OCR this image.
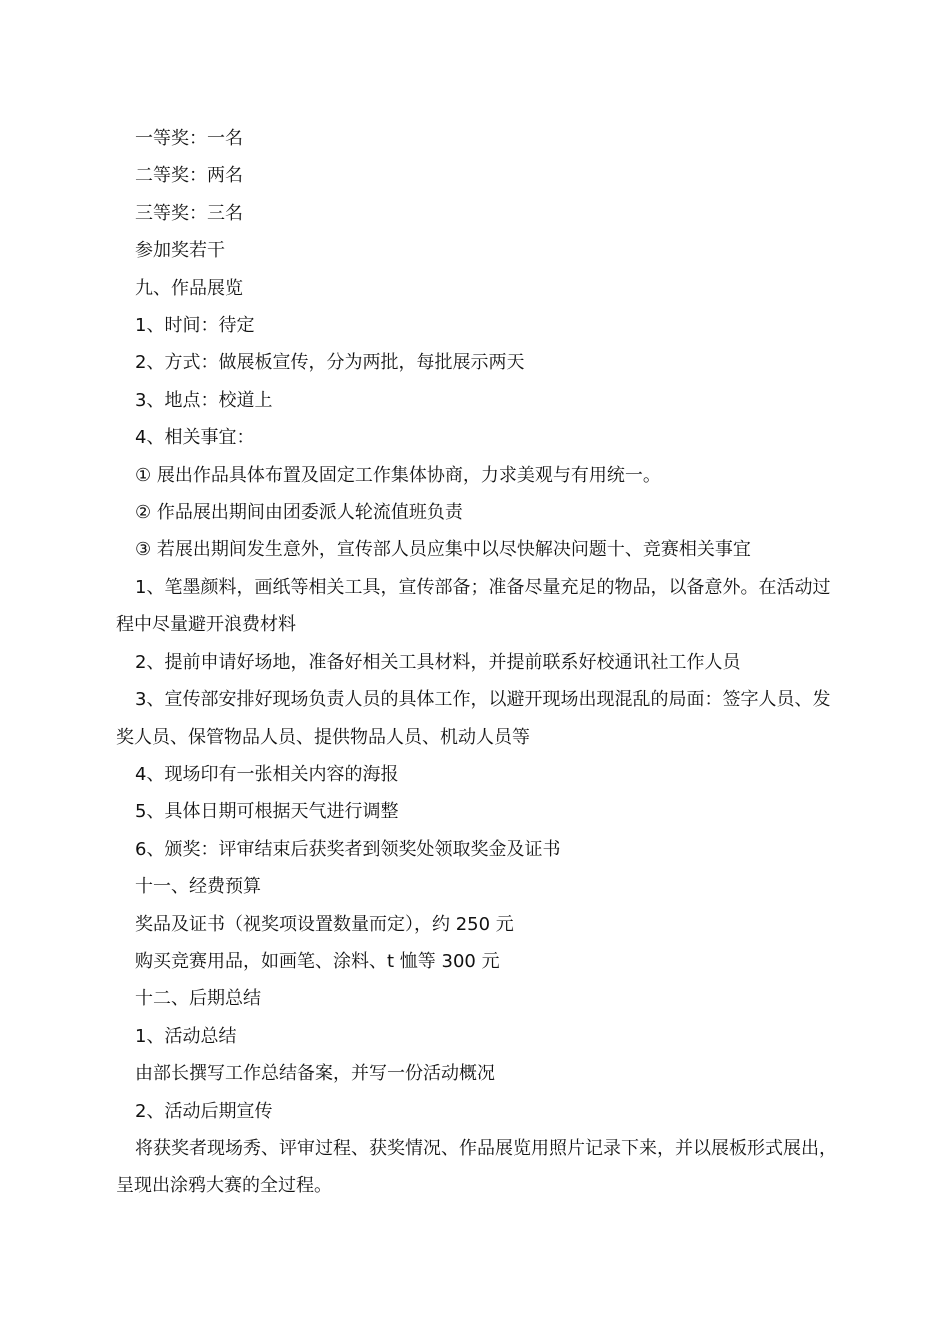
一等奖：一名

二等奖：两名

三等奖：三名

参加奖若干

九、作品展览

1、时间：待定

2、方式：做展板宣传，分为两批，每批展示两天

3、地点：校道上

4、相关事宜：

① 展出作品具体布置及固定工作集体协商，力求美观与有用统一。

② 作品展出期间由团委派人轮流值班负责

③ 若展出期间发生意外，宣传部人员应集中以尽快解决问题十、竞赛相关事宜

1、笔墨颜料，画纸等相关工具，宣传部备；准备尽量充足的物品，以备意外。在活动过程中尽量避开浪费材料

2、提前申请好场地，准备好相关工具材料，并提前联系好校通讯社工作人员

3、宣传部安排好现场负责人员的具体工作，以避开现场出现混乱的局面：签字人员、发奖人员、保管物品人员、提供物品人员、机动人员等

4、现场印有一张相关内容的海报

5、具体日期可根据天气进行调整

6、颁奖：评审结束后获奖者到领奖处领取奖金及证书

十一、经费预算

奖品及证书（视奖项设置数量而定），约 250 元

购买竞赛用品，如画笔、涂料、t 恤等 300 元

十二、后期总结

1、活动总结

由部长撰写工作总结备案，并写一份活动概况

2、活动后期宣传

将获奖者现场秀、评审过程、获奖情况、作品展览用照片记录下来，并以展板形式展出，呈现出涂鸦大赛的全过程。
